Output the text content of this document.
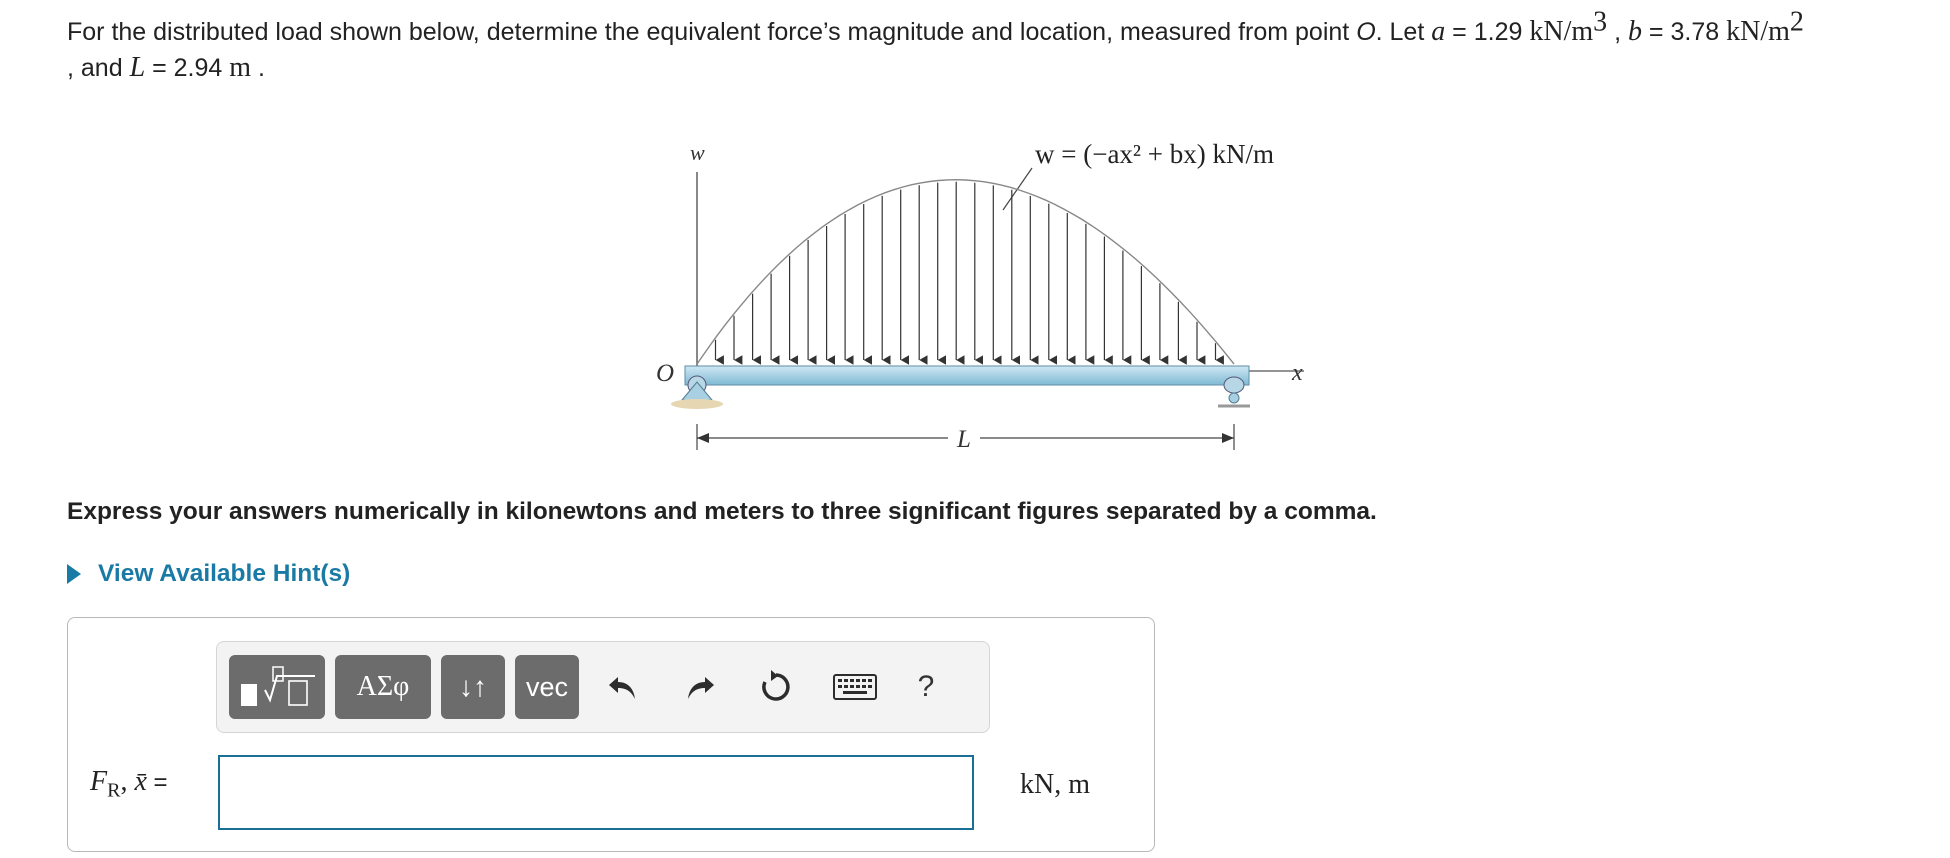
For the distributed load shown below, determine the equivalent force’s magnitude and location, measured from point O. Let a = 1.29 $kN/m^3$ , b = 3.78 $kN/m^2$
, and L = 2.94 m .
w	w = (−ax² + bx) kN/m
x
O
L
Express your answers numerically in kilonewtons and meters to three significant figures separated by a comma.
View Available Hint(s)
ΑΣφ ↓↑ vec	?
$F_R$, x̄ =	kN, m
